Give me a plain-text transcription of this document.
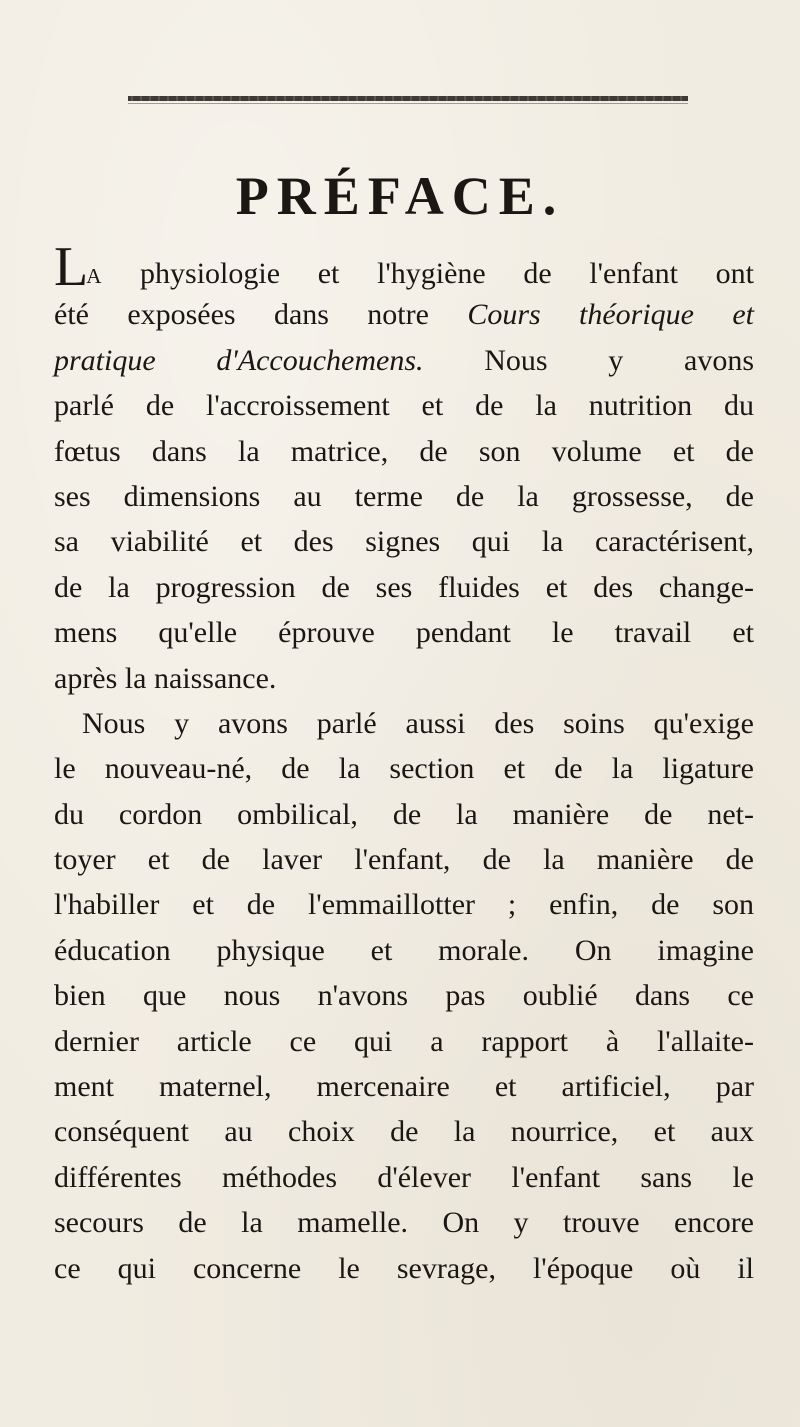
PRÉFACE.
LA physiologie et l'hygiène de l'enfant ont
été exposées dans notre Cours théorique et
pratique d'Accouchemens. Nous y avons
parlé de l'accroissement et de la nutrition du
fœtus dans la matrice, de son volume et de
ses dimensions au terme de la grossesse, de
sa viabilité et des signes qui la caractérisent,
de la progression de ses fluides et des change-
mens qu'elle éprouve pendant le travail et
après la naissance.
Nous y avons parlé aussi des soins qu'exige
le nouveau-né, de la section et de la ligature
du cordon ombilical, de la manière de net-
toyer et de laver l'enfant, de la manière de
l'habiller et de l'emmaillotter ; enfin, de son
éducation physique et morale. On imagine
bien que nous n'avons pas oublié dans ce
dernier article ce qui a rapport à l'allaite-
ment maternel, mercenaire et artificiel, par
conséquent au choix de la nourrice, et aux
différentes méthodes d'élever l'enfant sans le
secours de la mamelle. On y trouve encore
ce qui concerne le sevrage, l'époque où il
